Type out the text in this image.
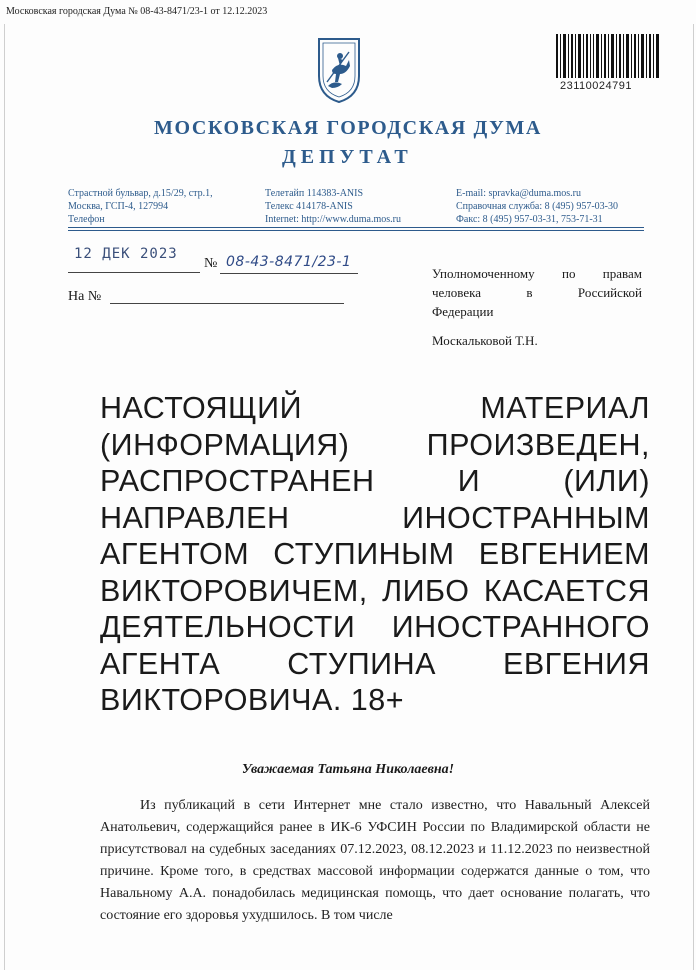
Московская городская Дума № 08-43-8471/23-1 от 12.12.2023
23110024791
МОСКОВСКАЯ ГОРОДСКАЯ ДУМА
ДЕПУТАТ
Страстной бульвар, д.15/29, стр.1,
Москва, ГСП-4, 127994
Телефон
Телетайп 114383-ANIS
Телекс 414178-ANIS
Internet: http://www.duma.mos.ru
E-mail: spravka@duma.mos.ru
Справочная служба: 8 (495) 957-03-30
Факс: 8 (495) 957-03-31, 753-71-31
12 ДЕК 2023
№ 08-43-8471/23-1
На №
Уполномоченному по правам
человека в Российской
Федерации
Москальковой Т.Н.
НАСТОЯЩИЙ МАТЕРИАЛ
(ИНФОРМАЦИЯ) ПРОИЗВЕДЕН,
РАСПРОСТРАНЕН И (ИЛИ)
НАПРАВЛЕН ИНОСТРАННЫМ
АГЕНТОМ СТУПИНЫМ ЕВГЕНИЕМ
ВИКТОРОВИЧЕМ, ЛИБО КАСАЕТСЯ
ДЕЯТЕЛЬНОСТИ ИНОСТРАННОГО
АГЕНТА СТУПИНА ЕВГЕНИЯ
ВИКТОРОВИЧА. 18+
Уважаемая Татьяна Николаевна!
Из публикаций в сети Интернет мне стало известно, что Навальный Алексей Анатольевич, содержащийся ранее в ИК-6 УФСИН России по Владимирской области не присутствовал на судебных заседаниях 07.12.2023, 08.12.2023 и 11.12.2023 по неизвестной причине. Кроме того, в средствах массовой информации содержатся данные о том, что Навальному А.А. понадобилась медицинская помощь, что дает основание полагать, что состояние его здоровья ухудшилось. В том числе
